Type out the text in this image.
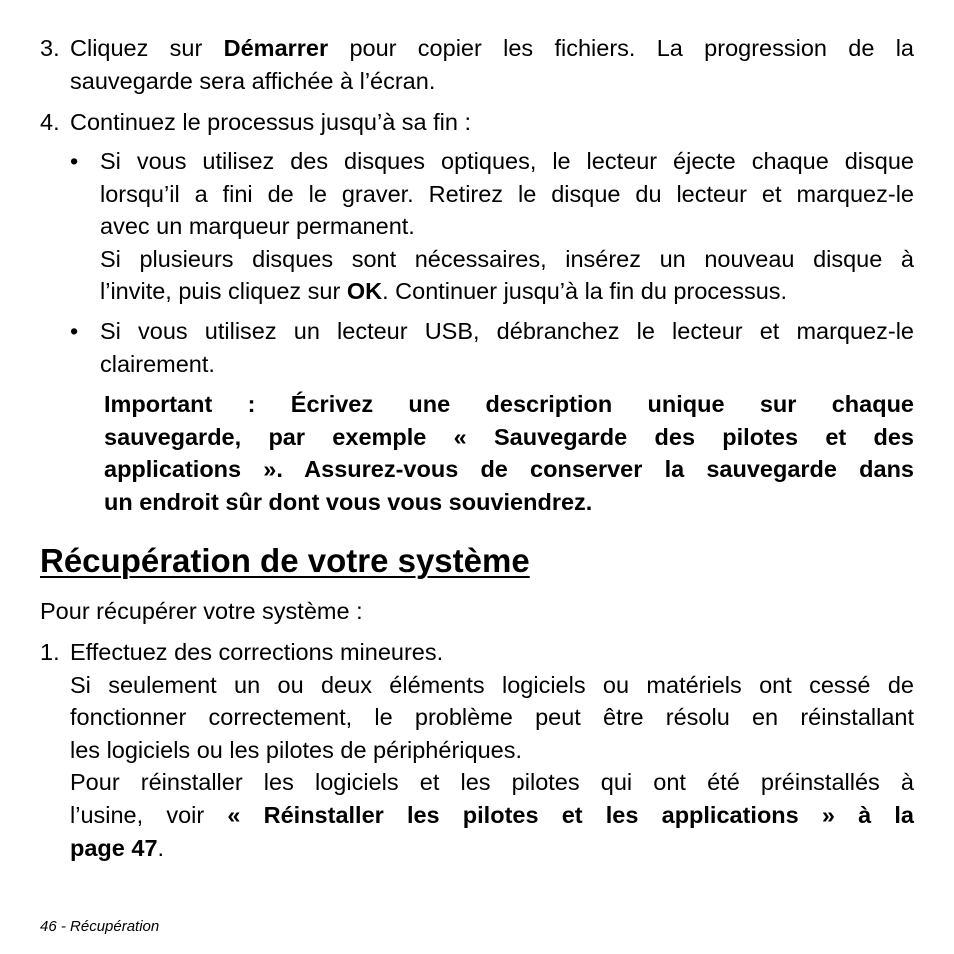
3. Cliquez sur Démarrer pour copier les fichiers. La progression de la
sauvegarde sera affichée à l’écran.
4. Continuez le processus jusqu’à sa fin :
• Si vous utilisez des disques optiques, le lecteur éjecte chaque disque
lorsqu’il a fini de le graver. Retirez le disque du lecteur et marquez-le
avec un marqueur permanent.
Si plusieurs disques sont nécessaires, insérez un nouveau disque à
l’invite, puis cliquez sur OK. Continuer jusqu’à la fin du processus.
• Si vous utilisez un lecteur USB, débranchez le lecteur et marquez-le
clairement.
Important : Écrivez une description unique sur chaque
sauvegarde, par exemple « Sauvegarde des pilotes et des
applications ». Assurez-vous de conserver la sauvegarde dans
un endroit sûr dont vous vous souviendrez.
Récupération de votre système
Pour récupérer votre système :
1. Effectuez des corrections mineures.
Si seulement un ou deux éléments logiciels ou matériels ont cessé de
fonctionner correctement, le problème peut être résolu en réinstallant
les logiciels ou les pilotes de périphériques.
Pour réinstaller les logiciels et les pilotes qui ont été préinstallés à
l’usine, voir « Réinstaller les pilotes et les applications » à la
page 47.
46 - Récupération
